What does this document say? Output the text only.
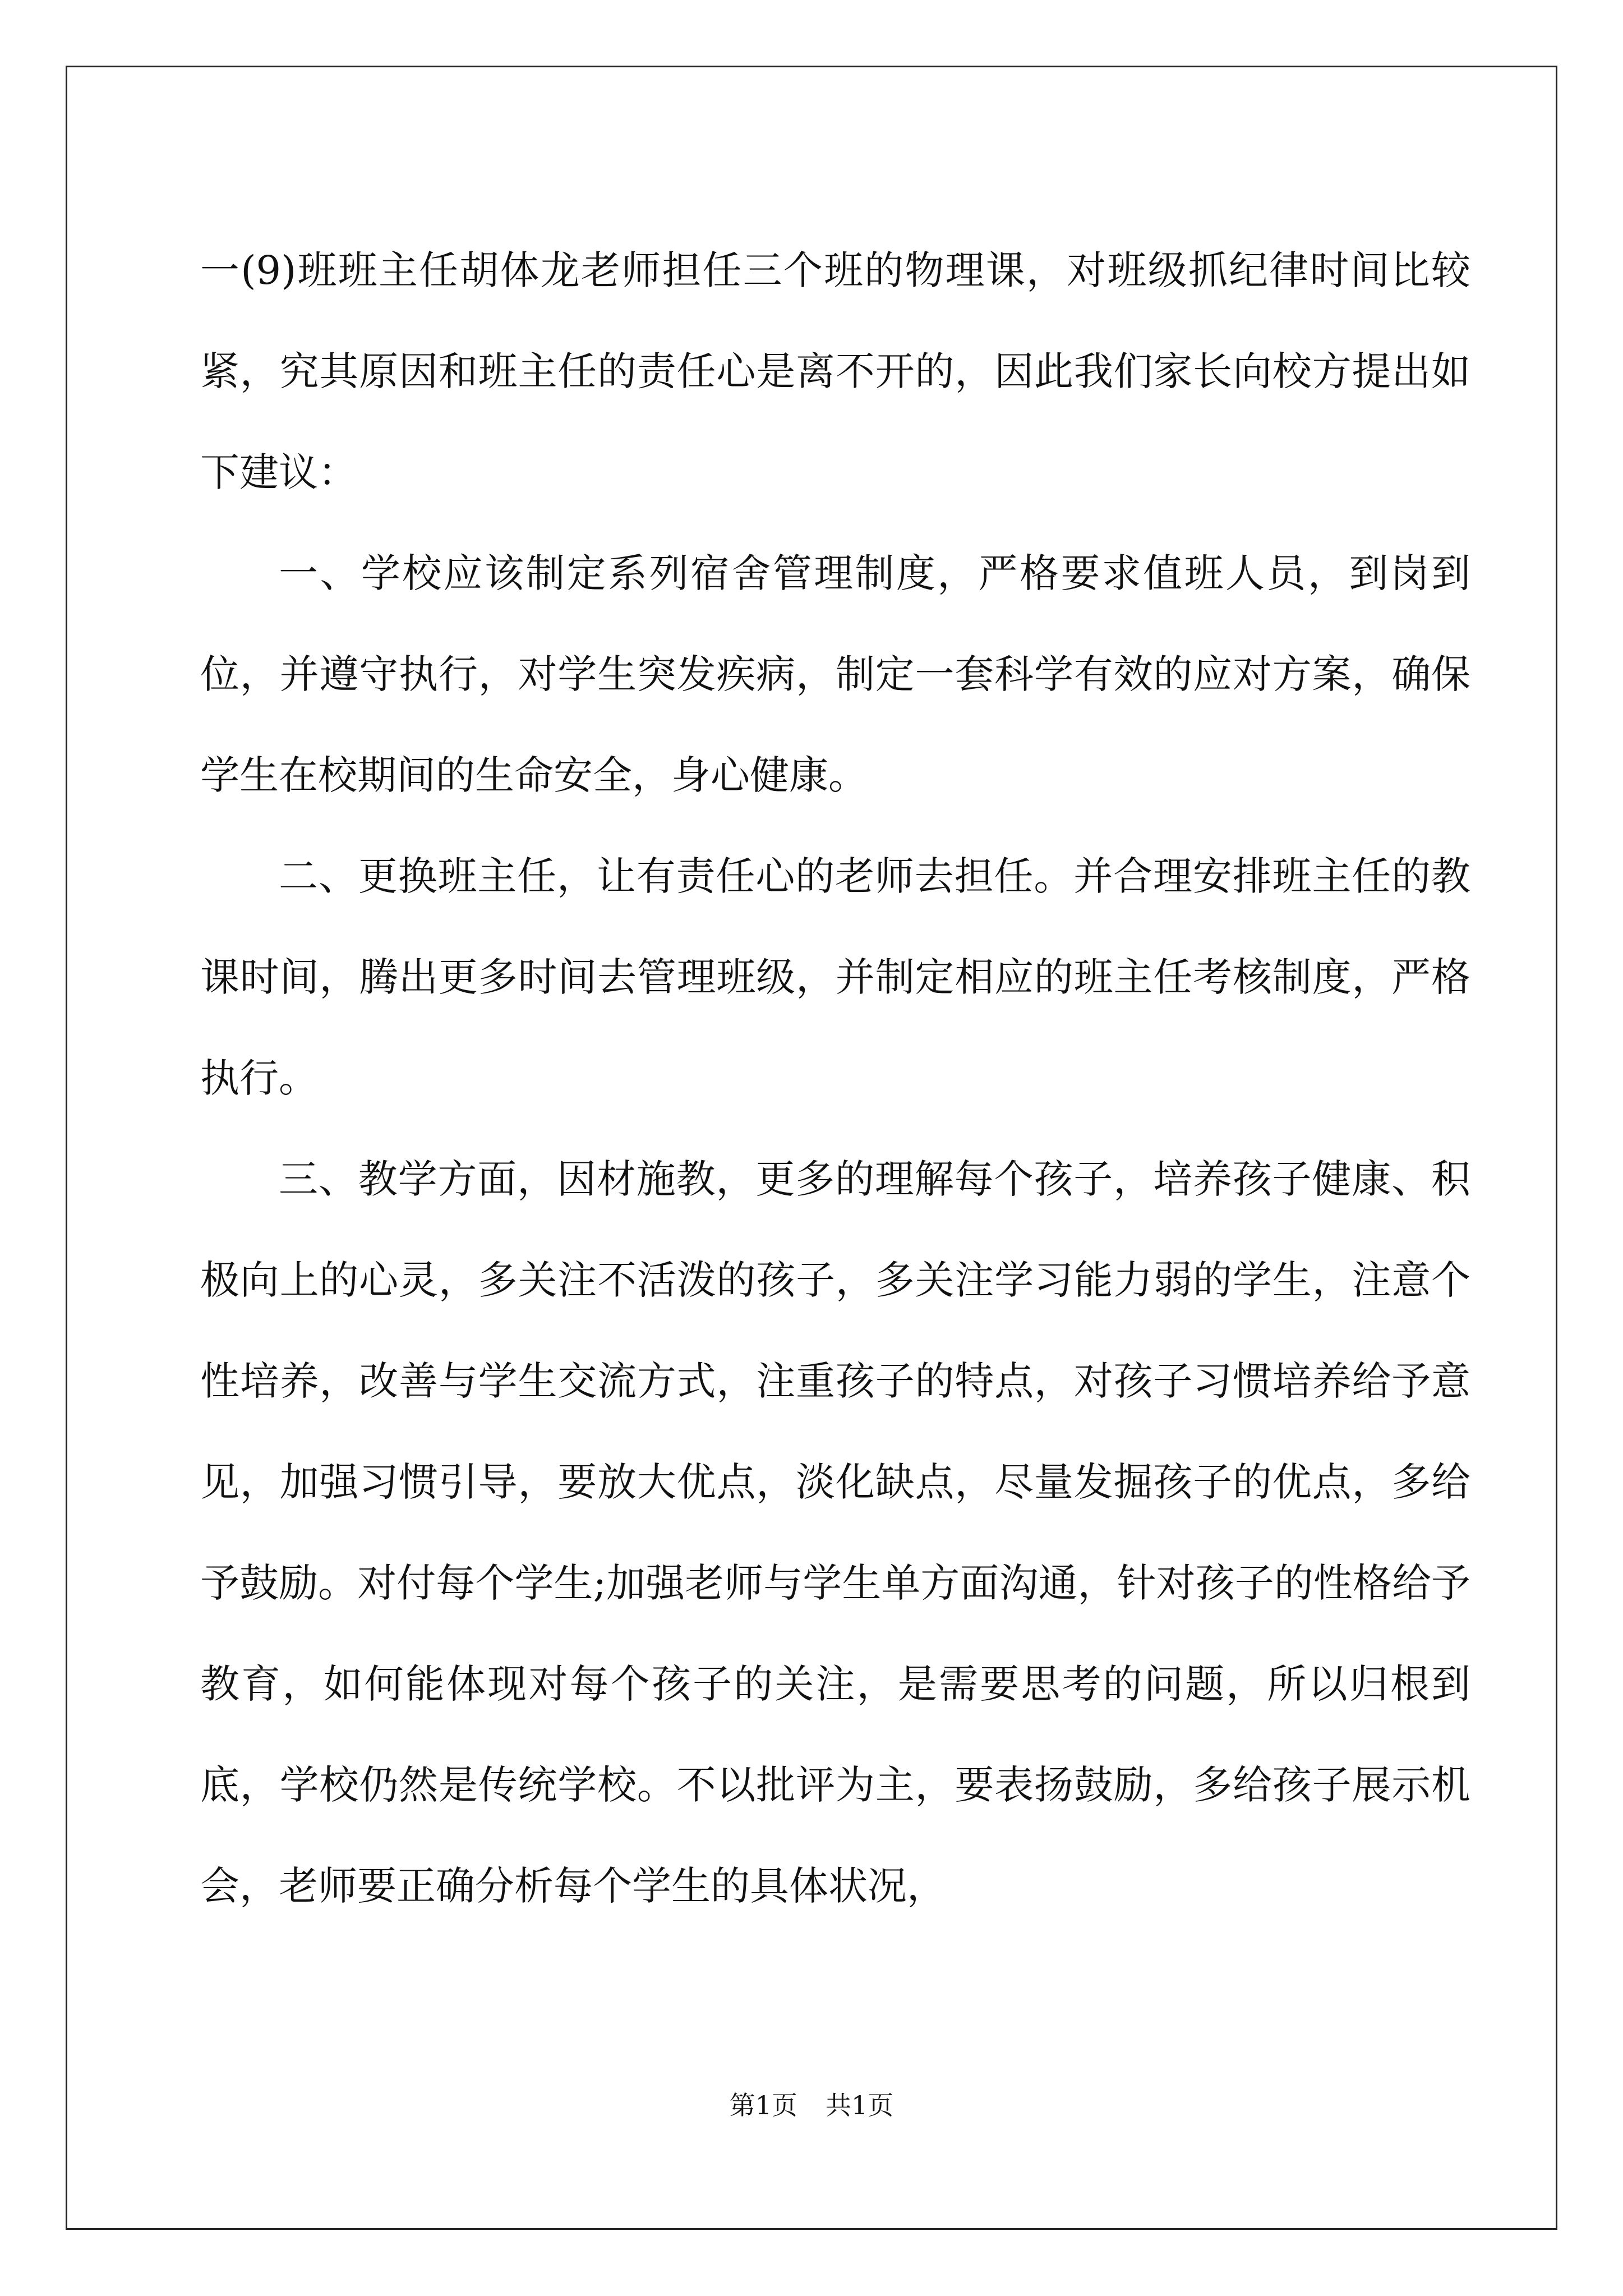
一(9)班班主任胡体龙老师担任三个班的物理课，对班级抓纪律时间比较紧，究其原因和班主任的责任心是离不开的，因此我们家长向校方提出如下建议：

一、学校应该制定系列宿舍管理制度，严格要求值班人员，到岗到位，并遵守执行，对学生突发疾病，制定一套科学有效的应对方案，确保学生在校期间的生命安全，身心健康。

二、更换班主任，让有责任心的老师去担任。并合理安排班主任的教课时间，腾出更多时间去管理班级，并制定相应的班主任考核制度，严格执行。

三、教学方面，因材施教，更多的理解每个孩子，培养孩子健康、积极向上的心灵，多关注不活泼的孩子，多关注学习能力弱的学生，注意个性培养，改善与学生交流方式，注重孩子的特点，对孩子习惯培养给予意见，加强习惯引导，要放大优点，淡化缺点，尽量发掘孩子的优点，多给予鼓励。对付每个学生;加强老师与学生单方面沟通，针对孩子的性格给予教育，如何能体现对每个孩子的关注，是需要思考的问题，所以归根到底，学校仍然是传统学校。不以批评为主，要表扬鼓励，多给孩子展示机会，老师要正确分析每个学生的具体状况，

第1页 共1页
